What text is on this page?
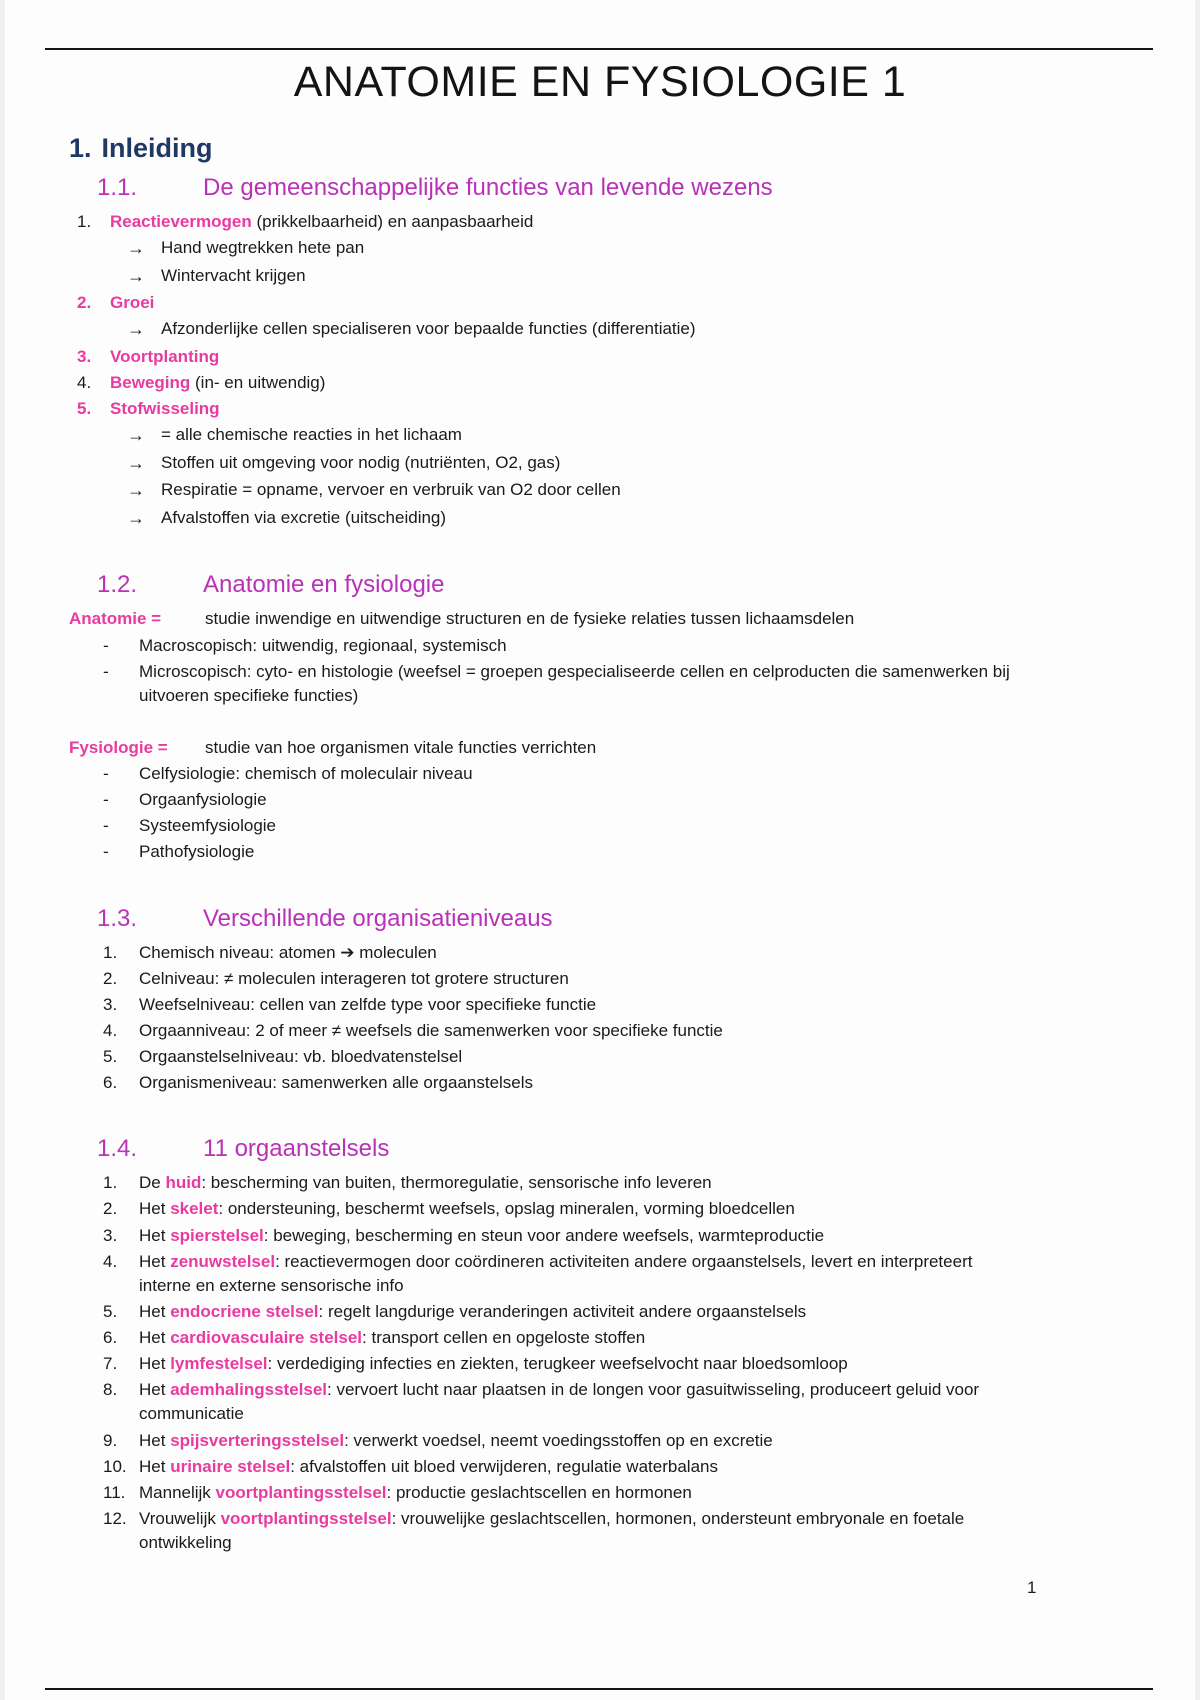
ANATOMIE EN FYSIOLOGIE 1
1. Inleiding
1.1.	De gemeenschappelijke functies van levende wezens
1.	Reactievermogen (prikkelbaarheid) en aanpasbaarheid
→ Hand wegtrekken hete pan
→ Wintervacht krijgen
2.	Groei
→ Afzonderlijke cellen specialiseren voor bepaalde functies (differentiatie)
3.	Voortplanting
4.	Beweging (in- en uitwendig)
5.	Stofwisseling
→ = alle chemische reacties in het lichaam
→ Stoffen uit omgeving voor nodig (nutriënten, O2, gas)
→ Respiratie = opname, vervoer en verbruik van O2 door cellen
→ Afvalstoffen via excretie (uitscheiding)
1.2.	Anatomie en fysiologie
Anatomie =	studie inwendige en uitwendige structuren en de fysieke relaties tussen lichaamsdelen
-	Macroscopisch: uitwendig, regionaal, systemisch
-	Microscopisch: cyto- en histologie (weefsel = groepen gespecialiseerde cellen en celproducten die samenwerken bij uitvoeren specifieke functies)
Fysiologie =	studie van hoe organismen vitale functies verrichten
-	Celfysiologie: chemisch of moleculair niveau
-	Orgaanfysiologie
-	Systeemfysiologie
-	Pathofysiologie
1.3.	Verschillende organisatieniveaus
1.	Chemisch niveau: atomen ➔ moleculen
2.	Celniveau: ≠ moleculen interageren tot grotere structuren
3.	Weefselniveau: cellen van zelfde type voor specifieke functie
4.	Orgaanniveau: 2 of meer ≠ weefsels die samenwerken voor specifieke functie
5.	Orgaanstelselniveau: vb. bloedvatenstelsel
6.	Organismeniveau: samenwerken alle orgaanstelsels
1.4.	11 orgaanstelsels
1.	De huid: bescherming van buiten, thermoregulatie, sensorische info leveren
2.	Het skelet: ondersteuning, beschermt weefsels, opslag mineralen, vorming bloedcellen
3.	Het spierstelsel: beweging, bescherming en steun voor andere weefsels, warmteproductie
4.	Het zenuwstelsel: reactievermogen door coördineren activiteiten andere orgaanstelsels, levert en interpreteert interne en externe sensorische info
5.	Het endocriene stelsel: regelt langdurige veranderingen activiteit andere orgaanstelsels
6.	Het cardiovasculaire stelsel: transport cellen en opgeloste stoffen
7.	Het lymfestelsel: verdediging infecties en ziekten, terugkeer weefselvocht naar bloedsomloop
8.	Het ademhalingsstelsel: vervoert lucht naar plaatsen in de longen voor gasuitwisseling, produceert geluid voor communicatie
9.	Het spijsverteringsstelsel: verwerkt voedsel, neemt voedingsstoffen op en excretie
10. Het urinaire stelsel: afvalstoffen uit bloed verwijderen, regulatie waterbalans
11. Mannelijk voortplantingsstelsel: productie geslachtscellen en hormonen
12. Vrouwelijk voortplantingsstelsel: vrouwelijke geslachtscellen, hormonen, ondersteunt embryonale en foetale ontwikkeling
1
